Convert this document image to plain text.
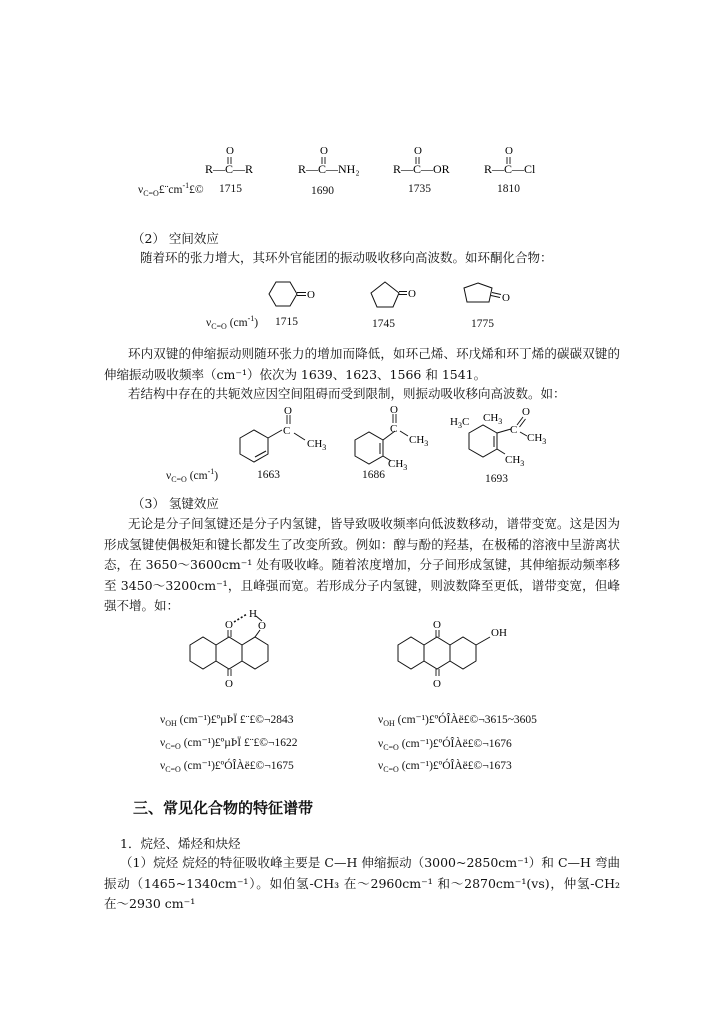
O
R—C—R
O
R—C—NH₂
O
R—C—OR
O
R—C—Cl
$\nu_{C=O}£¨cm^{-1}£©$ 1715	1690	1735	1810
（2） 空间效应
随着环的张力增大，其环外官能团的振动吸收移向高波数。如环酮化合物：
O	O	O
$\nu_{C=O}$ $(cm^{-1})$ 1715	1745	1775
环内双键的伸缩振动则随环张力的增加而降低，如环己烯、环戊烯和环丁烯的碳碳双键的伸缩振动吸收频率（cm⁻¹）依次为 1639、1623、1566 和 1541。
若结构中存在的共轭效应因空间阻碍而受到限制，则振动吸收移向高波数。如：
C
O
$CH_3$
C
O
$CH_3$
$CH_3$
$H_3C$ $CH_3$
C
O
$CH_3$
$CH_3$
$\nu_{C=O}$ $(cm^{-1})$	1663	1686	1693
（3） 氢键效应
无论是分子间氢键还是分子内氢键，皆导致吸收频率向低波数移动，谱带变宽。这是因为形成氢键使偶极矩和键长都发生了改变所致。例如：醇与酚的羟基，在极稀的溶液中呈游离状态，在 3650～3600cm⁻¹ 处有吸收峰。随着浓度增加，分子间形成氢键，其伸缩振动频率移至 3450～3200cm⁻¹，且峰强而宽。若形成分子内氢键，则波数降至更低，谱带变宽，但峰强不增。如：
O
O
O
H
O
O
OH
$\nu_{OH}$ (cm⁻¹)£ºµÞÏ £¨£©¬2843
$\nu_{C=O}$ (cm⁻¹)£ºµÞÏ £¨£©¬1622
$\nu_{C=O}$ (cm⁻¹)£ºÓÎÀë£©¬1675
$\nu_{OH}$ (cm⁻¹)£ºÓÎÀë£©¬3615~3605
$\nu_{C=O}$ (cm⁻¹)£ºÓÎÀë£©¬1676
$\nu_{C=O}$ (cm⁻¹)£ºÓÎÀë£©¬1673
三、常见化合物的特征谱带
1．烷烃、烯烃和炔烃
（1）烷烃 烷烃的特征吸收峰主要是 C—H 伸缩振动（3000~2850cm⁻¹）和 C—H 弯曲振动（1465~1340cm⁻¹）。如伯氢-CH₃ 在～2960cm⁻¹ 和～2870cm⁻¹(vs)，仲氢-CH₂ 在～2930 cm⁻¹
